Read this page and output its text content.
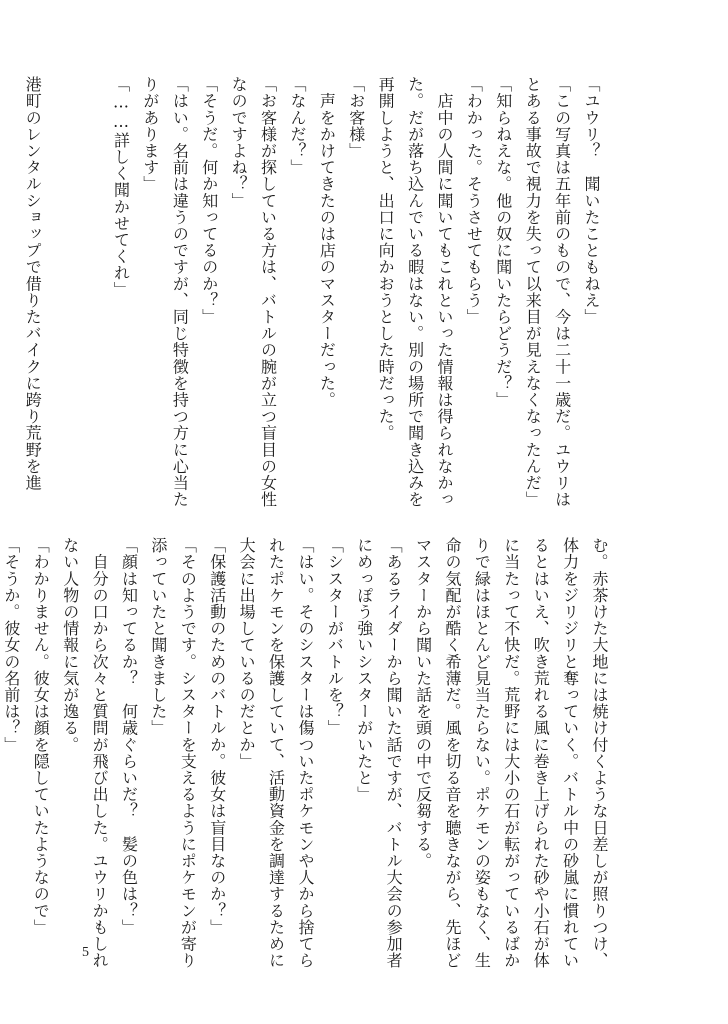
「ユウリ？　聞いたこともねえ」
「この写真は五年前のもので、今は二十一歳だ。ユウリは
とある事故で視力を失って以来目が見えなくなったんだ」
「知らねえな。他の奴に聞いたらどうだ？」
「わかった。そうさせてもらう」
　店中の人間に聞いてもこれといった情報は得られなかっ
た。だが落ち込んでいる暇はない。別の場所で聞き込みを
再開しようと、出口に向かおうとした時だった。
「お客様」
　声をかけてきたのは店のマスターだった。
「なんだ？」
「お客様が探している方は、バトルの腕が立つ盲目の女性
なのですよね？」
「そうだ。何か知ってるのか？」
「はい。名前は違うのですが、同じ特徴を持つ方に心当た
りがあります」
「……詳しく聞かせてくれ」
港町のレンタルショップで借りたバイクに跨り荒野を進
む。赤茶けた大地には焼け付くような日差しが照りつけ、
体力をジリジリと奪っていく。バトル中の砂嵐に慣れてい
るとはいえ、吹き荒れる風に巻き上げられた砂や小石が体
に当たって不快だ。荒野には大小の石が転がっているばか
りで緑はほとんど見当たらない。ポケモンの姿もなく、生
命の気配が酷く希薄だ。風を切る音を聴きながら、先ほど
マスターから聞いた話を頭の中で反芻する。
「あるライダーから聞いた話ですが、バトル大会の参加者
にめっぽう強いシスターがいたと」
「シスターがバトルを？」
「はい。そのシスターは傷ついたポケモンや人から捨てら
れたポケモンを保護していて、活動資金を調達するために
大会に出場しているのだとか」
「保護活動のためのバトルか。彼女は盲目なのか？」
「そのようです。シスターを支えるようにポケモンが寄り
添っていたと聞きました」
「顔は知ってるか？　何歳ぐらいだ？　髪の色は？」
　自分の口から次々と質問が飛び出した。ユウリかもしれ
ない人物の情報に気が逸る。
「わかりません。彼女は顔を隠していたようなので」
「そうか。彼女の名前は？」
5
